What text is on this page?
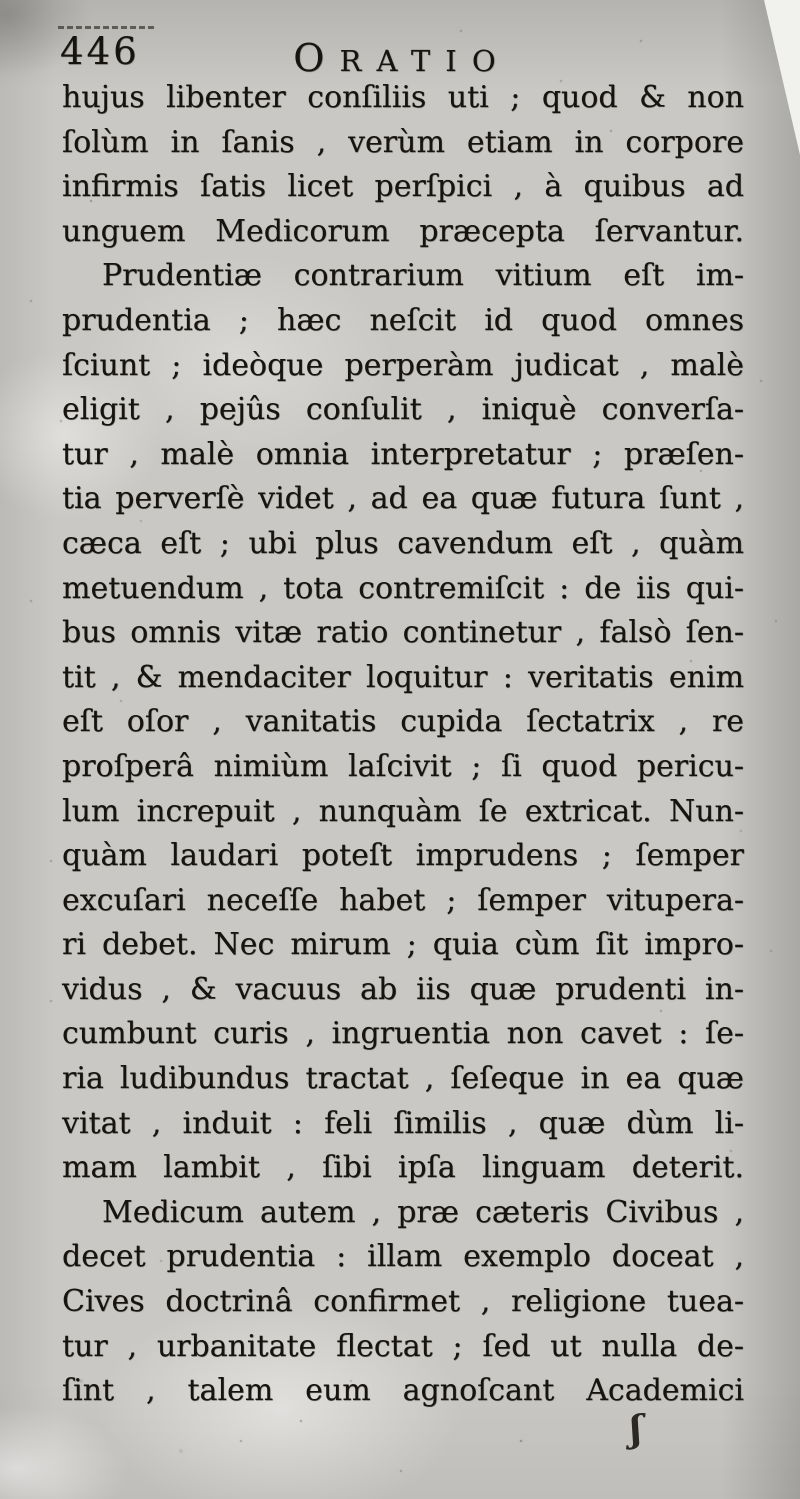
446	ORATIO
hujus libenter conſiliis uti ; quod & non
ſolùm in ſanis , verùm etiam in corpore
infirmis ſatis licet perſpici , à quibus ad
unguem Medicorum præcepta ſervantur.
Prudentiæ contrarium vitium eſt im-
prudentia ; hæc neſcit id quod omnes
ſciunt ; ideòque perperàm judicat , malè
eligit , pejûs conſulit , iniquè converſa-
tur , malè omnia interpretatur ; præſen-
tia perverſè videt , ad ea quæ futura ſunt ,
cæca eſt ; ubi plus cavendum eſt , quàm
metuendum , tota contremiſcit : de iis qui-
bus omnis vitæ ratio continetur , falsò ſen-
tit , & mendaciter loquitur : veritatis enim
eſt oſor , vanitatis cupida ſectatrix , re
proſperâ nimiùm laſcivit ; ſi quod pericu-
lum increpuit , nunquàm ſe extricat. Nun-
quàm laudari poteſt imprudens ; ſemper
excuſari neceſſe habet ; ſemper vitupera-
ri debet. Nec mirum ; quia cùm ſit impro-
vidus , & vacuus ab iis quæ prudenti in-
cumbunt curis , ingruentia non cavet : ſe-
ria ludibundus tractat , ſeſeque in ea quæ
vitat , induit : feli ſimilis , quæ dùm li-
mam lambit , ſibi ipſa linguam deterit.
Medicum autem , præ cæteris Civibus ,
decet prudentia : illam exemplo doceat ,
Cives doctrinâ confirmet , religione tuea-
tur , urbanitate flectat ; ſed ut nulla de-
ſint , talem eum agnoſcant Academici
ʃ
